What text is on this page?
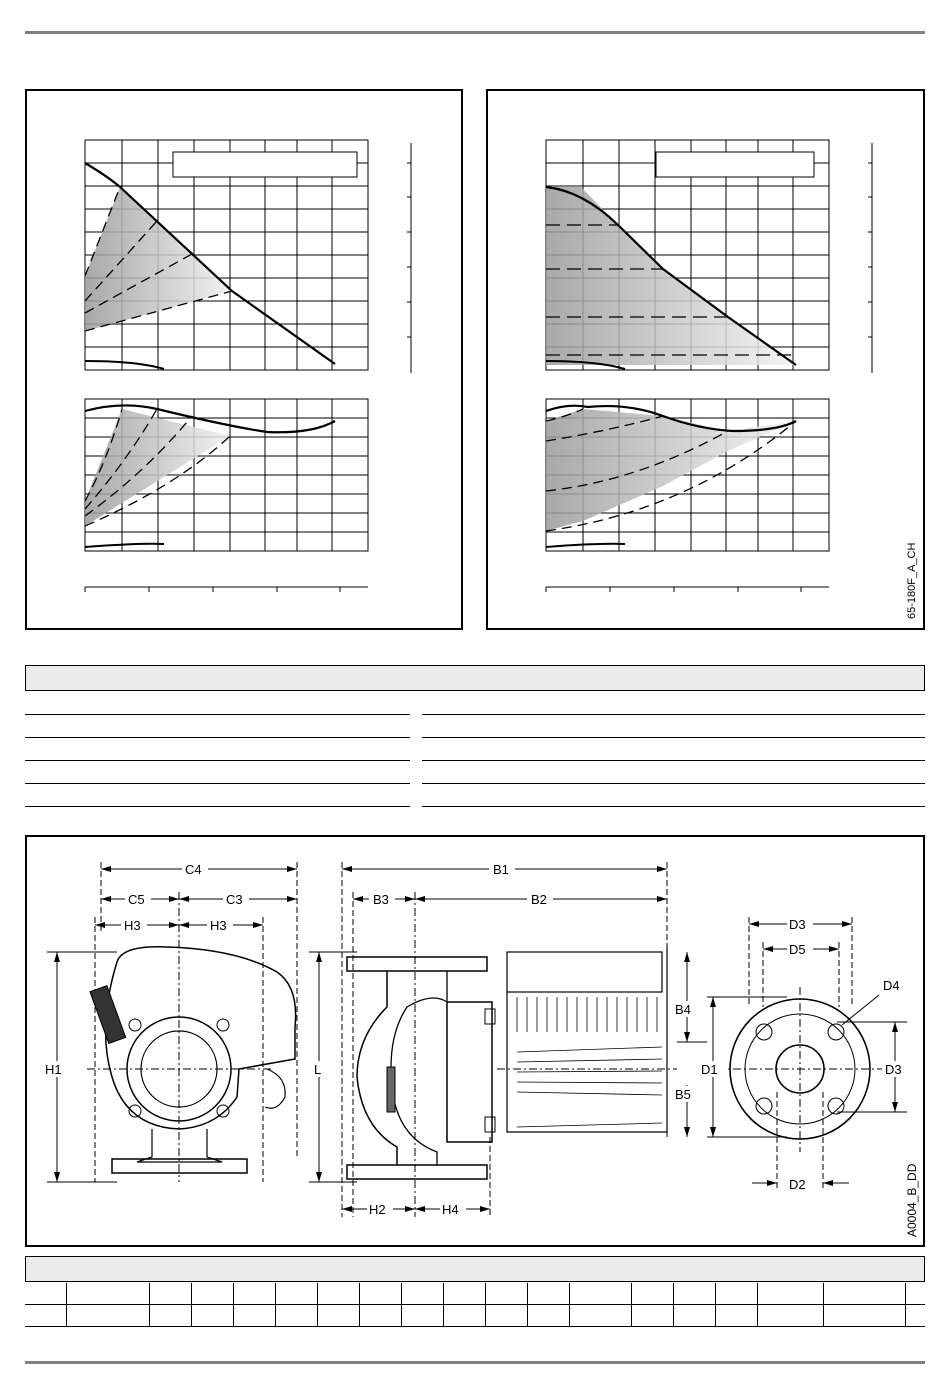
65-180F_A_CH
C4
C5	C3
H3	H3
B1
B3	B2
D3
D5
D4
H1	L
B4
B5
D1	D3
H2	H4
D2	A0004_B_DD
